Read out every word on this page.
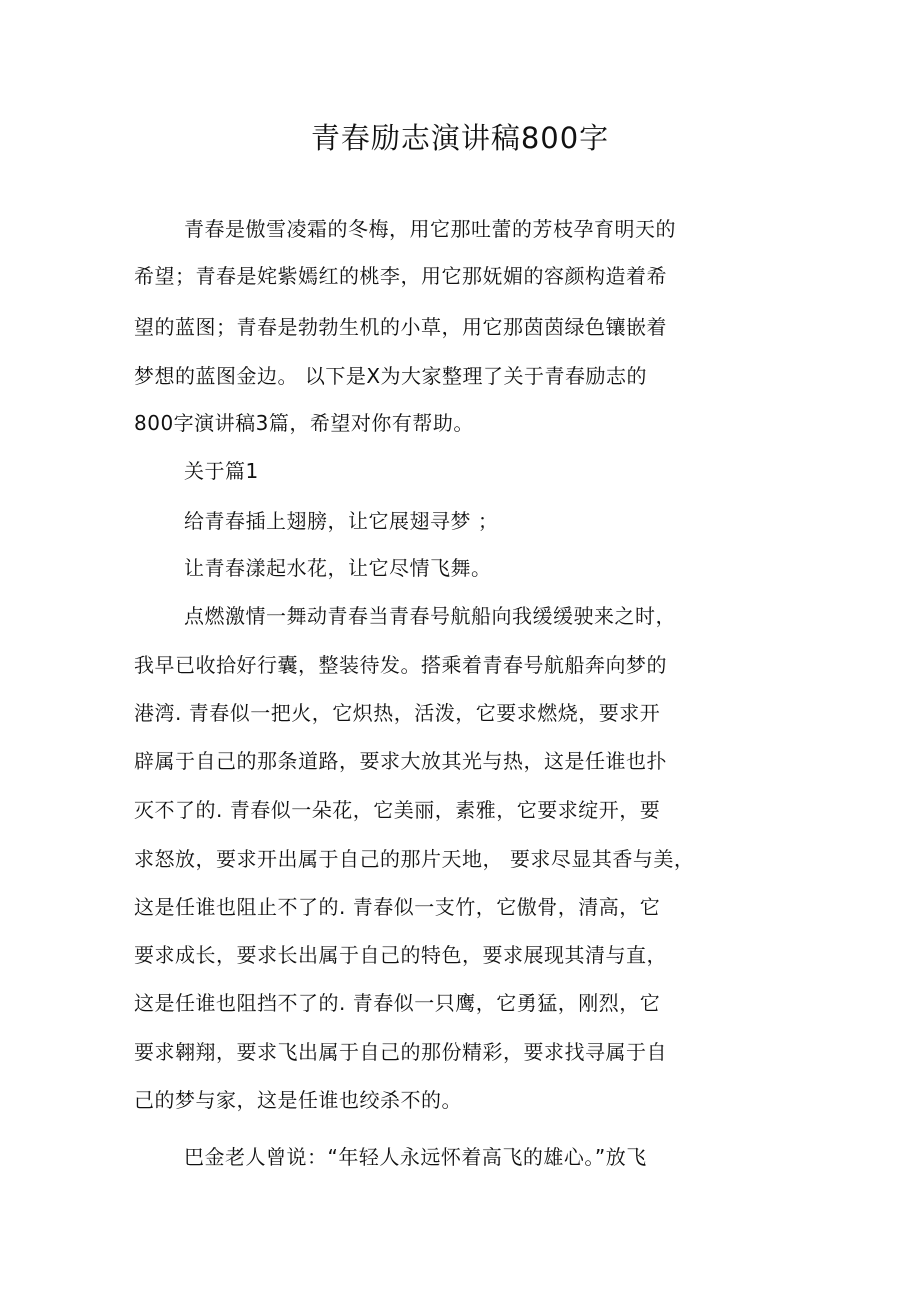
青春励志演讲稿800字
青春是傲雪凌霜的冬梅，用它那吐蕾的芳枝孕育明天的
希望；青春是姹紫嫣红的桃李，用它那妩媚的容颜构造着希
望的蓝图；青春是勃勃生机的小草，用它那茵茵绿色镶嵌着
梦想的蓝图金边。 以下是X为大家整理了关于青春励志的
800字演讲稿3篇，希望对你有帮助。
关于篇1
给青春插上翅膀，让它展翅寻梦 ；
让青春漾起水花，让它尽情飞舞。
点燃激情一舞动青春当青春号航船向我缓缓驶来之时，
我早已收拾好行囊，整装待发。搭乘着青春号航船奔向梦的
港湾. 青春似一把火，它炽热，活泼，它要求燃烧，要求开
辟属于自己的那条道路，要求大放其光与热，这是任谁也扑
灭不了的. 青春似一朵花，它美丽，素雅，它要求绽开，要
求怒放，要求开出属于自己的那片天地， 要求尽显其香与美，
这是任谁也阻止不了的. 青春似一支竹，它傲骨，清高，它
要求成长，要求长出属于自己的特色，要求展现其清与直，
这是任谁也阻挡不了的. 青春似一只鹰，它勇猛，刚烈，它
要求翱翔，要求飞出属于自己的那份精彩，要求找寻属于自
己的梦与家，这是任谁也绞杀不的。
巴金老人曾说：“年轻人永远怀着高飞的雄心。”放飞
